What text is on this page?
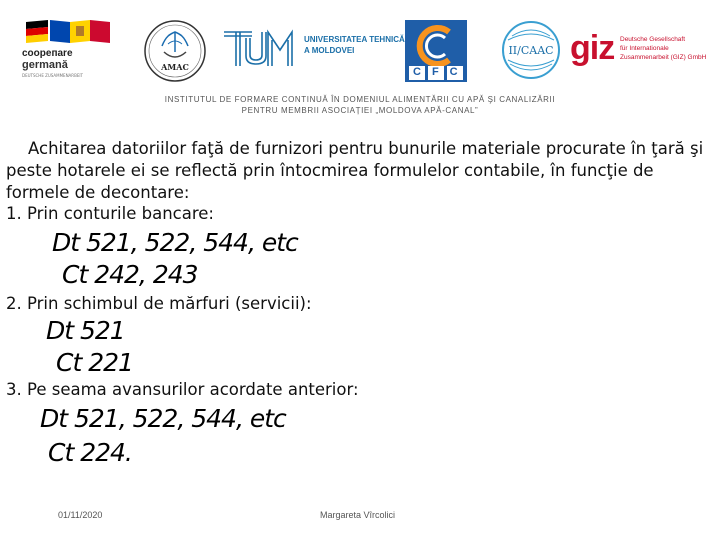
coopeпare
germană
DEUTSCHE ZUSAMMENARBEIT
AMAC
UNIVERSITATEA TEHNICĂ
A MOLDOVEI
CFC
II/CAAC giz Deutsche Gesellschaft
für Internationale
Zusammenarbeit (GIZ) GmbH
INSTITUTUL DE FORMARE CONTINUĂ ÎN DOMENIUL ALIMENTĂRII CU APĂ ŞI CANALIZĂRII
PENTRU MEMBRII ASOCIAȚIEI „MOLDOVA APĂ-CANAL”
Achitarea datoriilor faţă de furnizori pentru bunurile materiale procurate în ţară şi peste hotarele ei se reflectă prin întocmirea formulelor contabile, în funcţie de formele de decontare:
1. Prin conturile bancare:
Dt 521, 522, 544, etc
Ct 242, 243
2. Prin schimbul de mărfuri (servicii):
Dt 521
Ct 221
3. Pe seama avansurilor acordate anterior:
Dt 521, 522, 544, etc
Ct 224.
01/11/2020	Margareta Vîrcolici
